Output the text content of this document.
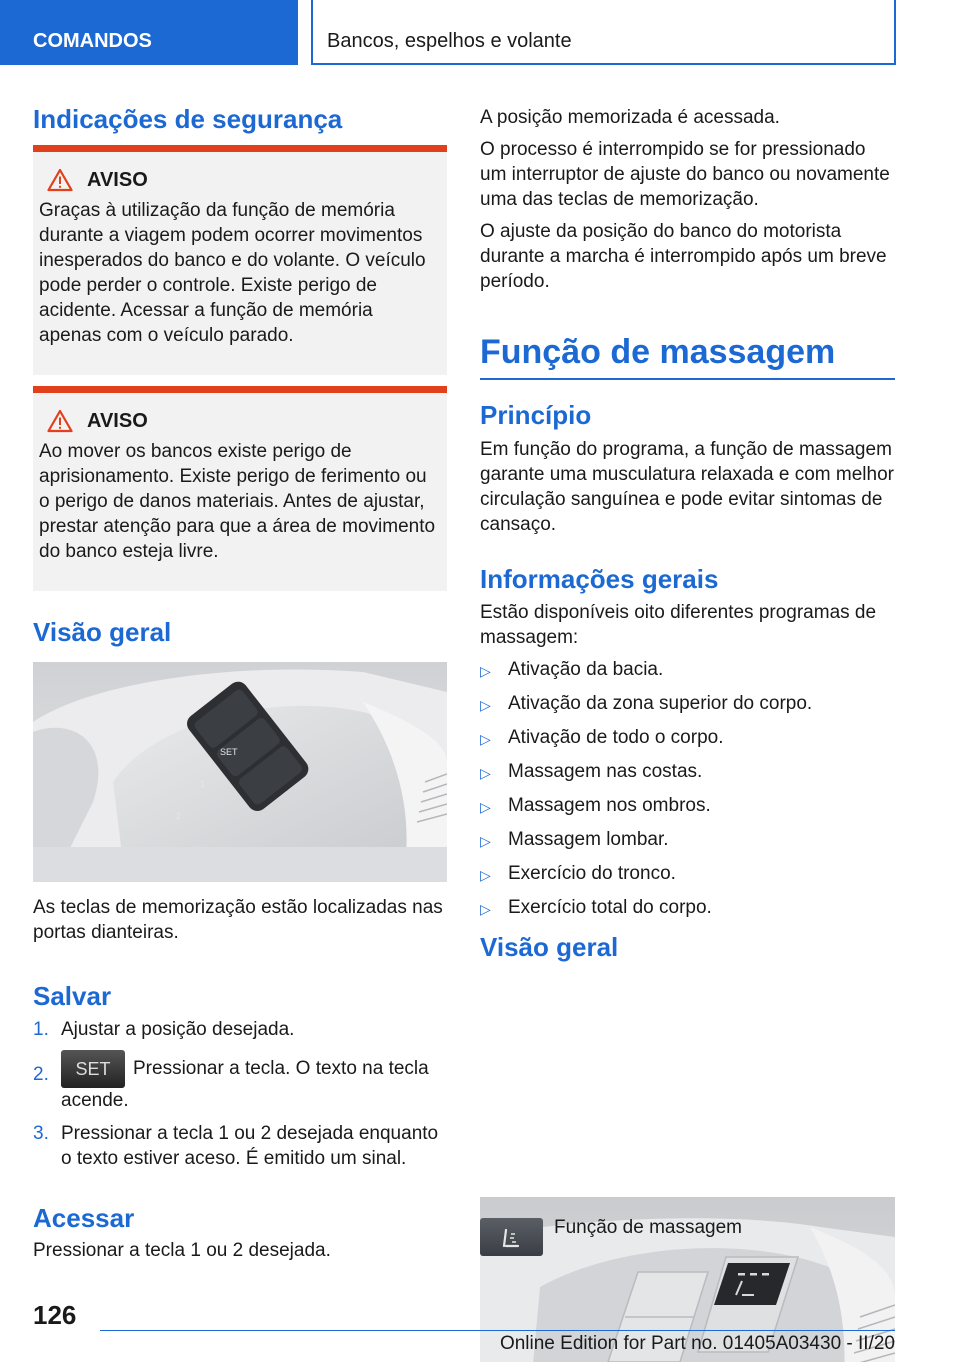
COMANDOS	Bancos, espelhos e volante
Indicações de segurança
AVISO

Graças à utilização da função de memória durante a viagem podem ocorrer movimentos inesperados do banco e do volante. O veículo pode perder o controle. Existe perigo de acidente. Acessar a função de memória apenas com o veículo parado.

AVISO

Ao mover os bancos existe perigo de aprisionamento. Existe perigo de ferimento ou o perigo de danos materiais. Antes de ajustar, prestar atenção para que a área de movimento do banco esteja livre.

Visão geral
SET
1
2

As teclas de memorização estão localizadas nas portas dianteiras.

Salvar
1. Ajustar a posição desejada.
2.	SET Pressionar a tecla. O texto na tecla acende.
3. Pressionar a tecla 1 ou 2 desejada enquanto o texto estiver aceso. É emitido um sinal.
Acessar

Pressionar a tecla 1 ou 2 desejada.

A posição memorizada é acessada.

O processo é interrompido se for pressionado um interruptor de ajuste do banco ou novamente uma das teclas de memorização.

O ajuste da posição do banco do motorista durante a marcha é interrompido após um breve período.

Função de massagem
Princípio

Em função do programa, a função de massagem garante uma musculatura relaxada e com melhor circulação sanguínea e pode evitar sintomas de cansaço.

Informações gerais

Estão disponíveis oito diferentes programas de massagem:

▷ Ativação da bacia.
▷ Ativação da zona superior do corpo.
▷ Ativação de todo o corpo.
▷ Massagem nas costas.
▷ Massagem nos ombros.
▷ Massagem lombar.
▷ Exercício do tronco.
▷ Exercício total do corpo.
Visão geral

Função de massagem

126
Online Edition for Part no. 01405A03430 - II/20
